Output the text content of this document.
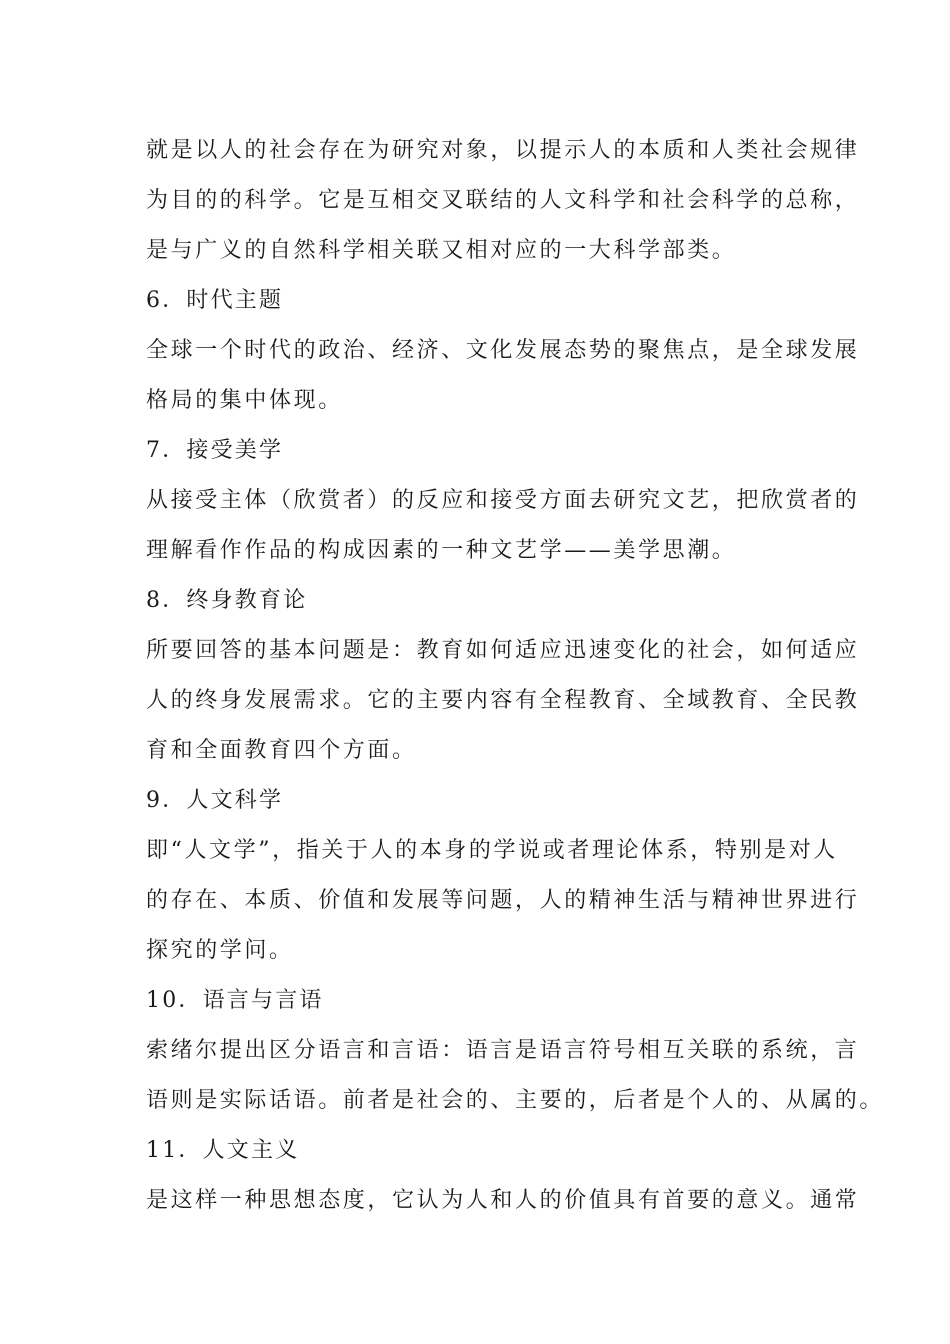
就是以人的社会存在为研究对象，以提示人的本质和人类社会规律
为目的的科学。它是互相交叉联结的人文科学和社会科学的总称，
是与广义的自然科学相关联又相对应的一大科学部类。
6．时代主题
全球一个时代的政治、经济、文化发展态势的聚焦点，是全球发展
格局的集中体现。
7．接受美学
从接受主体（欣赏者）的反应和接受方面去研究文艺，把欣赏者的
理解看作作品的构成因素的一种文艺学——美学思潮。
8．终身教育论
所要回答的基本问题是：教育如何适应迅速变化的社会，如何适应
人的终身发展需求。它的主要内容有全程教育、全域教育、全民教
育和全面教育四个方面。
9．人文科学
即“人文学”，指关于人的本身的学说或者理论体系，特别是对人
的存在、本质、价值和发展等问题，人的精神生活与精神世界进行
探究的学问。
10．语言与言语
索绪尔提出区分语言和言语：语言是语言符号相互关联的系统，言
语则是实际话语。前者是社会的、主要的，后者是个人的、从属的。
11．人文主义
是这样一种思想态度，它认为人和人的价值具有首要的意义。通常
